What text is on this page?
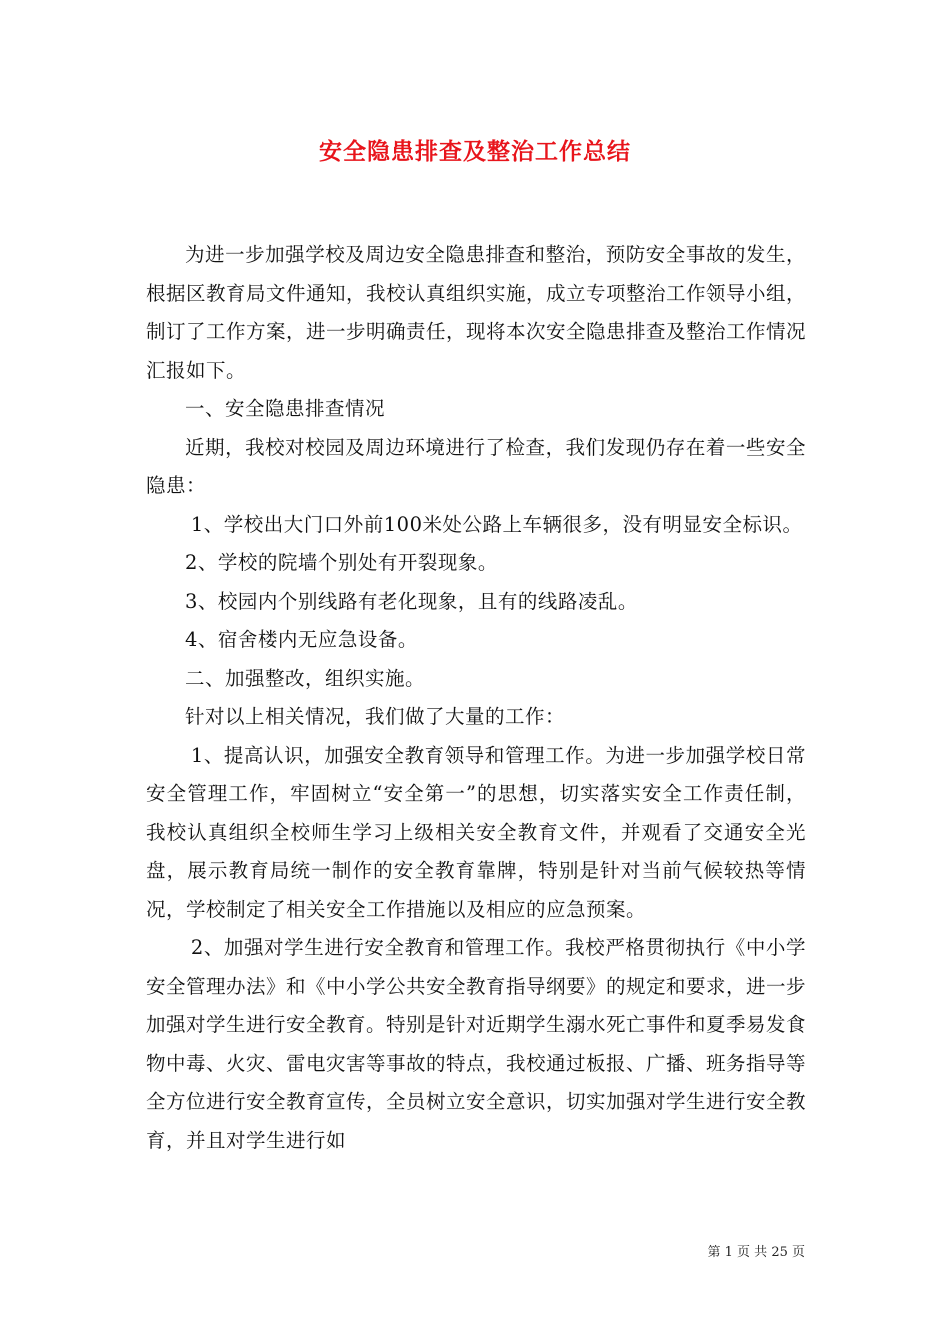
安全隐患排查及整治工作总结

为进一步加强学校及周边安全隐患排查和整治，预防安全事故的发生，根据区教育局文件通知，我校认真组织实施，成立专项整治工作领导小组，制订了工作方案，进一步明确责任，现将本次安全隐患排查及整治工作情况汇报如下。

一、安全隐患排查情况

近期，我校对校园及周边环境进行了检查，我们发现仍存在着一些安全隐患：

1、学校出大门口外前100米处公路上车辆很多，没有明显安全标识。

2、学校的院墙个别处有开裂现象。

3、校园内个别线路有老化现象，且有的线路凌乱。

4、宿舍楼内无应急设备。

二、加强整改，组织实施。

针对以上相关情况，我们做了大量的工作：

1、提高认识，加强安全教育领导和管理工作。为进一步加强学校日常安全管理工作，牢固树立“安全第一”的思想，切实落实安全工作责任制，我校认真组织全校师生学习上级相关安全教育文件，并观看了交通安全光盘，展示教育局统一制作的安全教育靠牌，特别是针对当前气候较热等情况，学校制定了相关安全工作措施以及相应的应急预案。

2、加强对学生进行安全教育和管理工作。我校严格贯彻执行《中小学安全管理办法》和《中小学公共安全教育指导纲要》的规定和要求，进一步加强对学生进行安全教育。特别是针对近期学生溺水死亡事件和夏季易发食物中毒、火灾、雷电灾害等事故的特点，我校通过板报、广播、班务指导等全方位进行安全教育宣传，全员树立安全意识，切实加强对学生进行安全教育，并且对学生进行如

第 1 页 共 25 页
